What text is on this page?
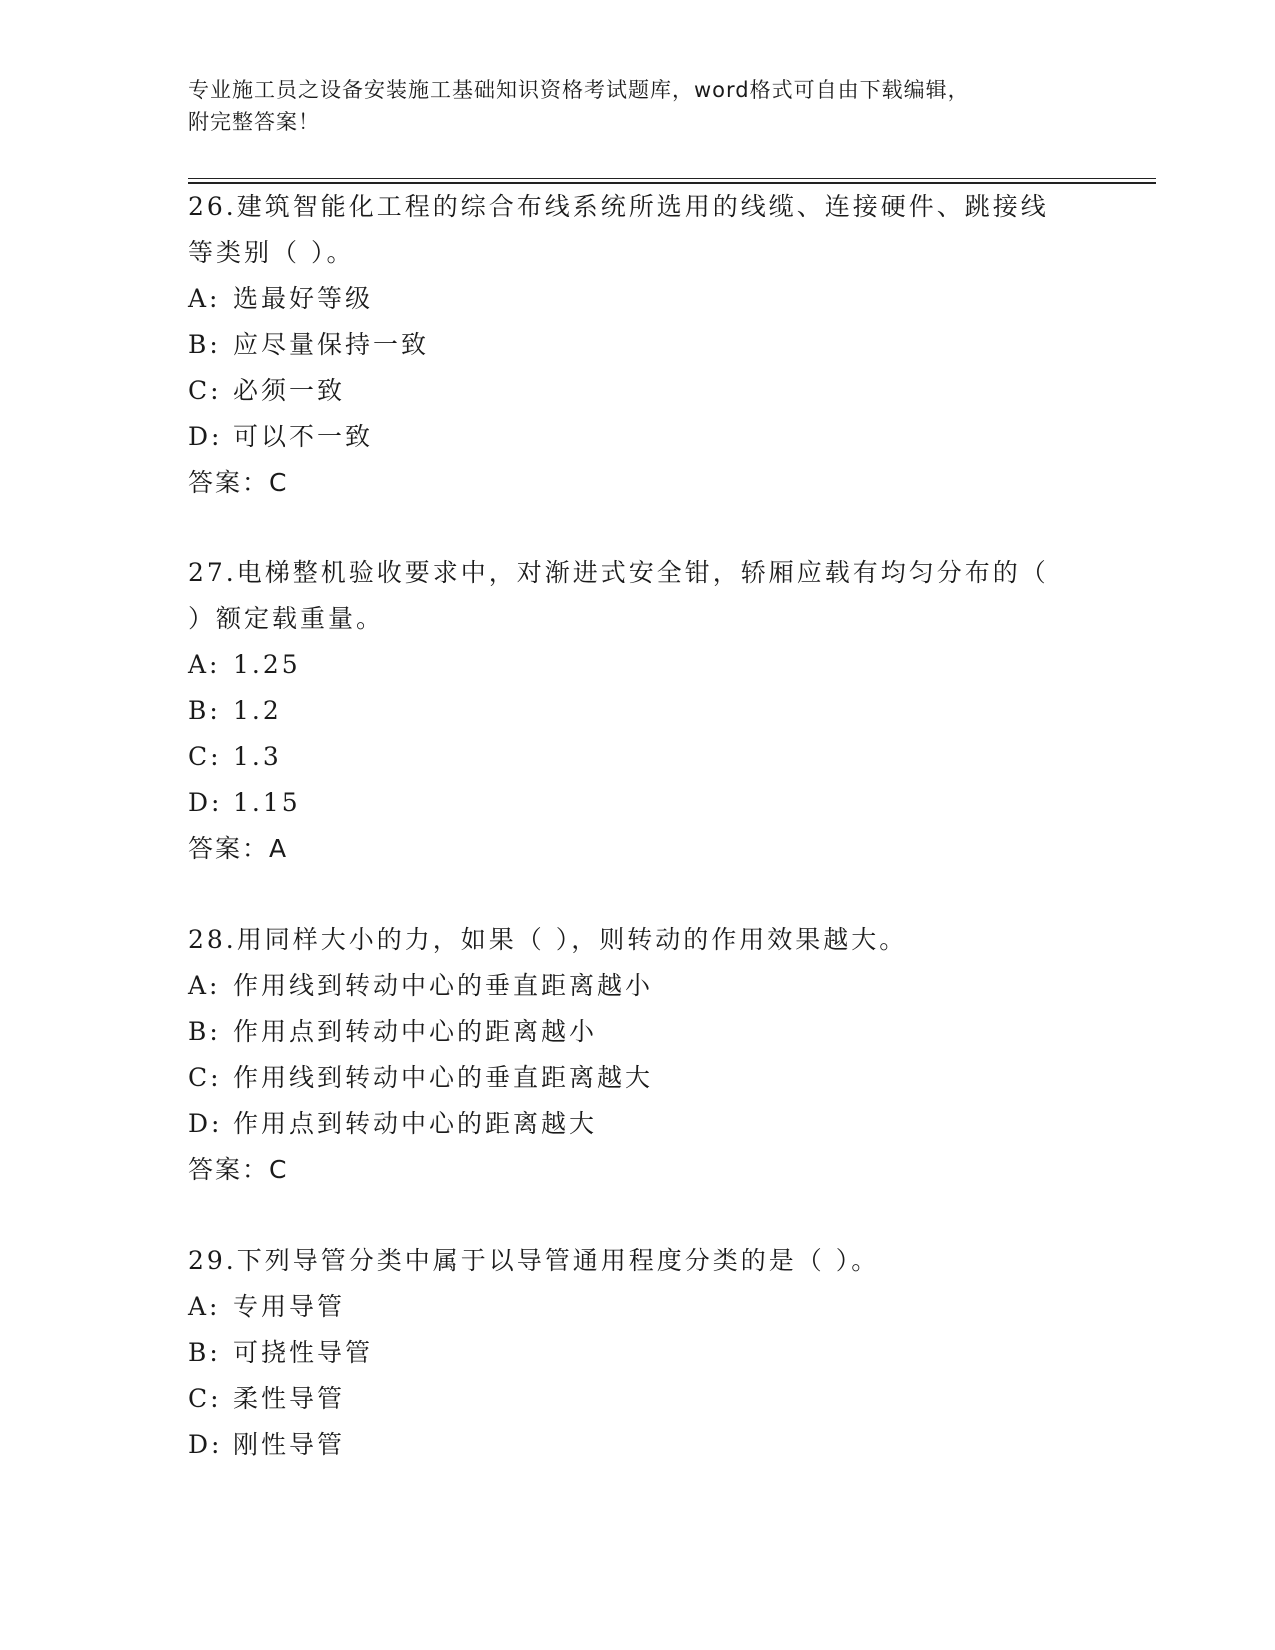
专业施工员之设备安装施工基础知识资格考试题库，word格式可自由下载编辑，
附完整答案！
26.建筑智能化工程的综合布线系统所选用的线缆、连接硬件、跳接线
等类别（ ）。
A: 选最好等级
B: 应尽量保持一致
C: 必须一致
D: 可以不一致
答案：C
27.电梯整机验收要求中，对渐进式安全钳，轿厢应载有均匀分布的（
）额定载重量。
A: 1.25
B: 1.2
C: 1.3
D: 1.15
答案：A
28.用同样大小的力，如果（ ），则转动的作用效果越大。
A: 作用线到转动中心的垂直距离越小
B: 作用点到转动中心的距离越小
C: 作用线到转动中心的垂直距离越大
D: 作用点到转动中心的距离越大
答案：C
29.下列导管分类中属于以导管通用程度分类的是（ ）。
A: 专用导管
B: 可挠性导管
C: 柔性导管
D: 刚性导管
